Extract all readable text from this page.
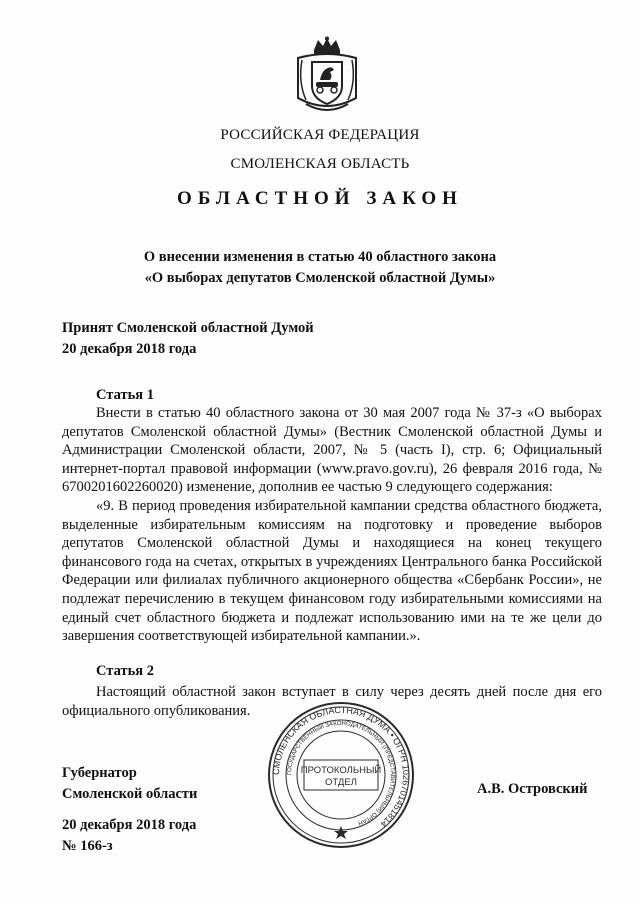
РОССИЙСКАЯ ФЕДЕРАЦИЯ
СМОЛЕНСКАЯ ОБЛАСТЬ
ОБЛАСТНОЙ ЗАКОН
О внесении изменения в статью 40 областного закона
«О выборах депутатов Смоленской областной Думы»
Принят Смоленской областной Думой
20 декабря 2018 года
Статья 1

Внести в статью 40 областного закона от 30 мая 2007 года № 37-з «О выборах депутатов Смоленской областной Думы» (Вестник Смоленской областной Думы и Администрации Смоленской области, 2007, № 5 (часть I), стр. 6; Официальный интернет-портал правовой информации (www.pravo.gov.ru), 26 февраля 2016 года, № 6700201602260020) изменение, дополнив ее частью 9 следующего содержания:

«9. В период проведения избирательной кампании средства областного бюджета, выделенные избирательным комиссиям на подготовку и проведение выборов депутатов Смоленской областной Думы и находящиеся на конец текущего финансового года на счетах, открытых в учреждениях Центрального банка Российской Федерации или филиалах публичного акционерного общества «Сбербанк России», не подлежат перечислению в текущем финансовом году избирательными комиссиями на единый счет областного бюджета и подлежат использованию ими на те же цели до завершения соответствующей избирательной кампании.».

Статья 2

Настоящий областной закон вступает в силу через десять дней после дня его официального опубликования.

СМОЛЕНСКАЯ ОБЛАСТНАЯ ДУМА • ОГРН 1026701451814
ГОСУДАРСТВЕННЫЙ ЗАКОНОДАТЕЛЬНЫЙ (ПРЕДСТАВИТЕЛЬНЫЙ) ОРГАН
ПРОТОКОЛЬНЫЙ
ОТДЕЛ
Губернатор
Смоленской области	А.В. Островский
20 декабря 2018 года
№ 166-з
